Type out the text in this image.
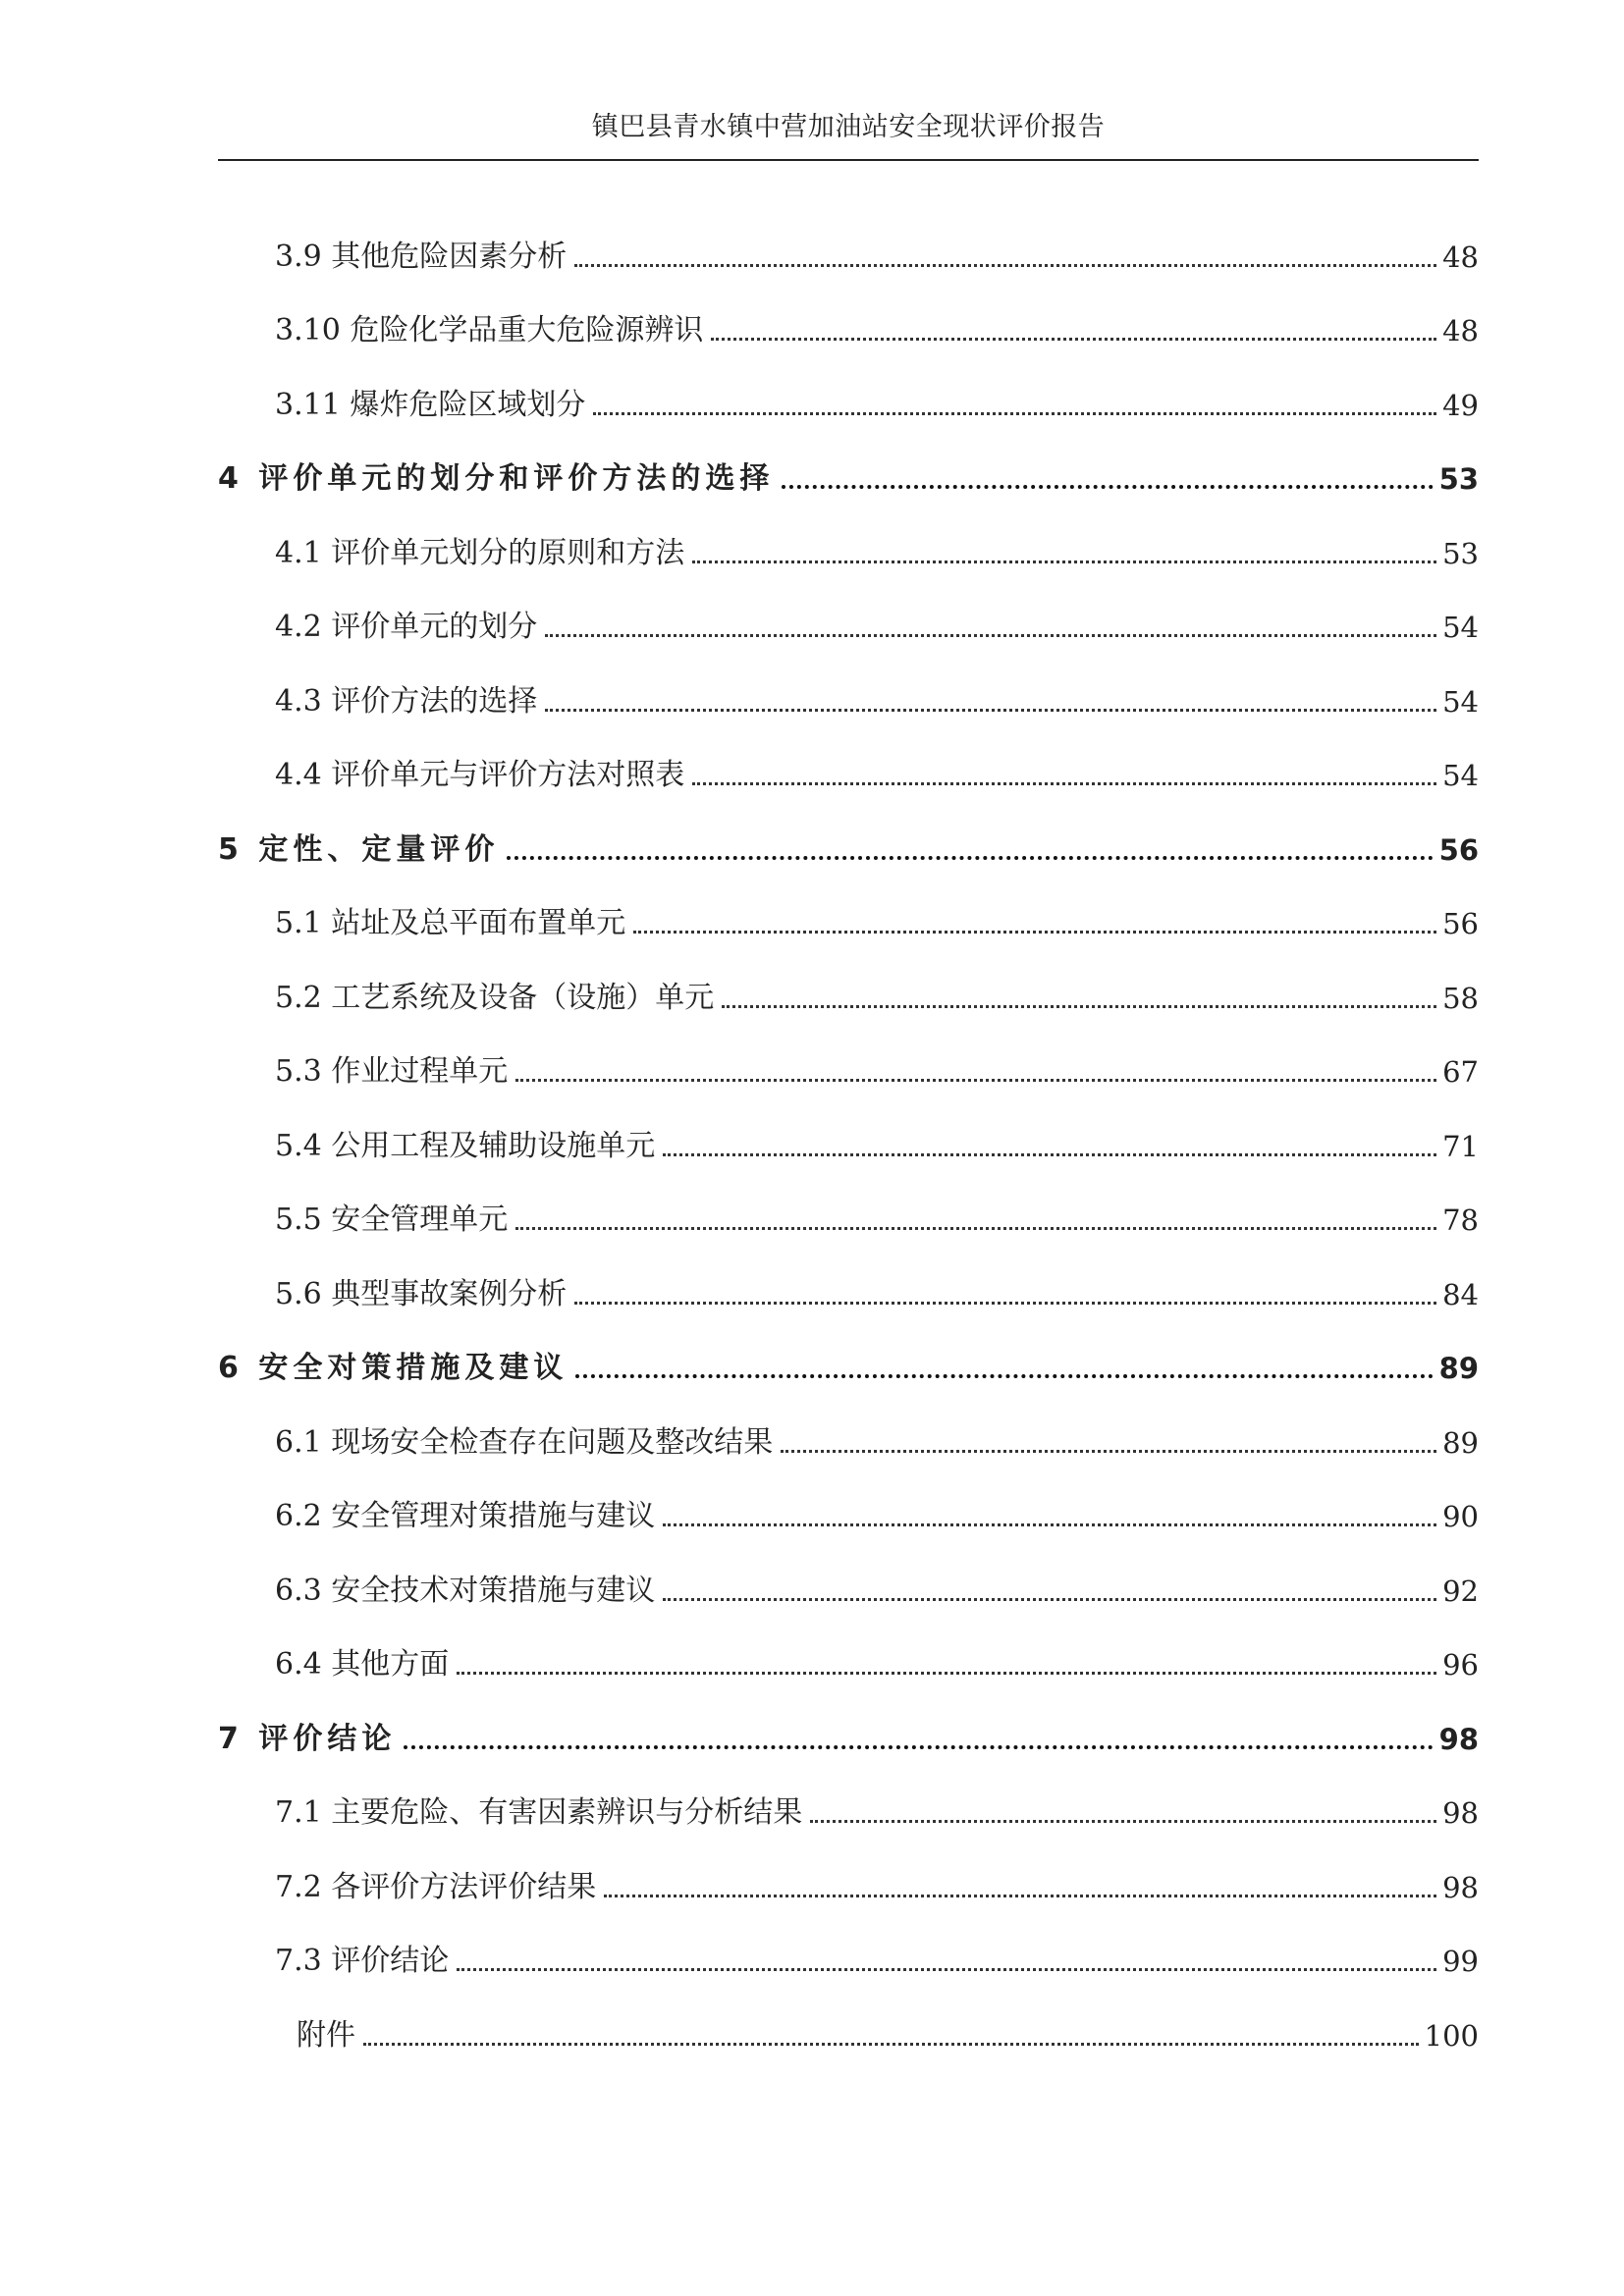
镇巴县青水镇中营加油站安全现状评价报告
3.9 其他危险因素分析	48
3.10 危险化学品重大危险源辨识	48
3.11 爆炸危险区域划分	49
4 评价单元的划分和评价方法的选择	53
4.1 评价单元划分的原则和方法	53
4.2 评价单元的划分	54
4.3 评价方法的选择	54
4.4 评价单元与评价方法对照表	54
5 定性、定量评价	56
5.1 站址及总平面布置单元	56
5.2 工艺系统及设备（设施）单元	58
5.3 作业过程单元	67
5.4 公用工程及辅助设施单元	71
5.5 安全管理单元	78
5.6 典型事故案例分析	84
6 安全对策措施及建议	89
6.1 现场安全检查存在问题及整改结果	89
6.2 安全管理对策措施与建议	90
6.3 安全技术对策措施与建议	92
6.4 其他方面	96
7 评价结论	98
7.1 主要危险、有害因素辨识与分析结果	98
7.2 各评价方法评价结果	98
7.3 评价结论	99
附件	100
